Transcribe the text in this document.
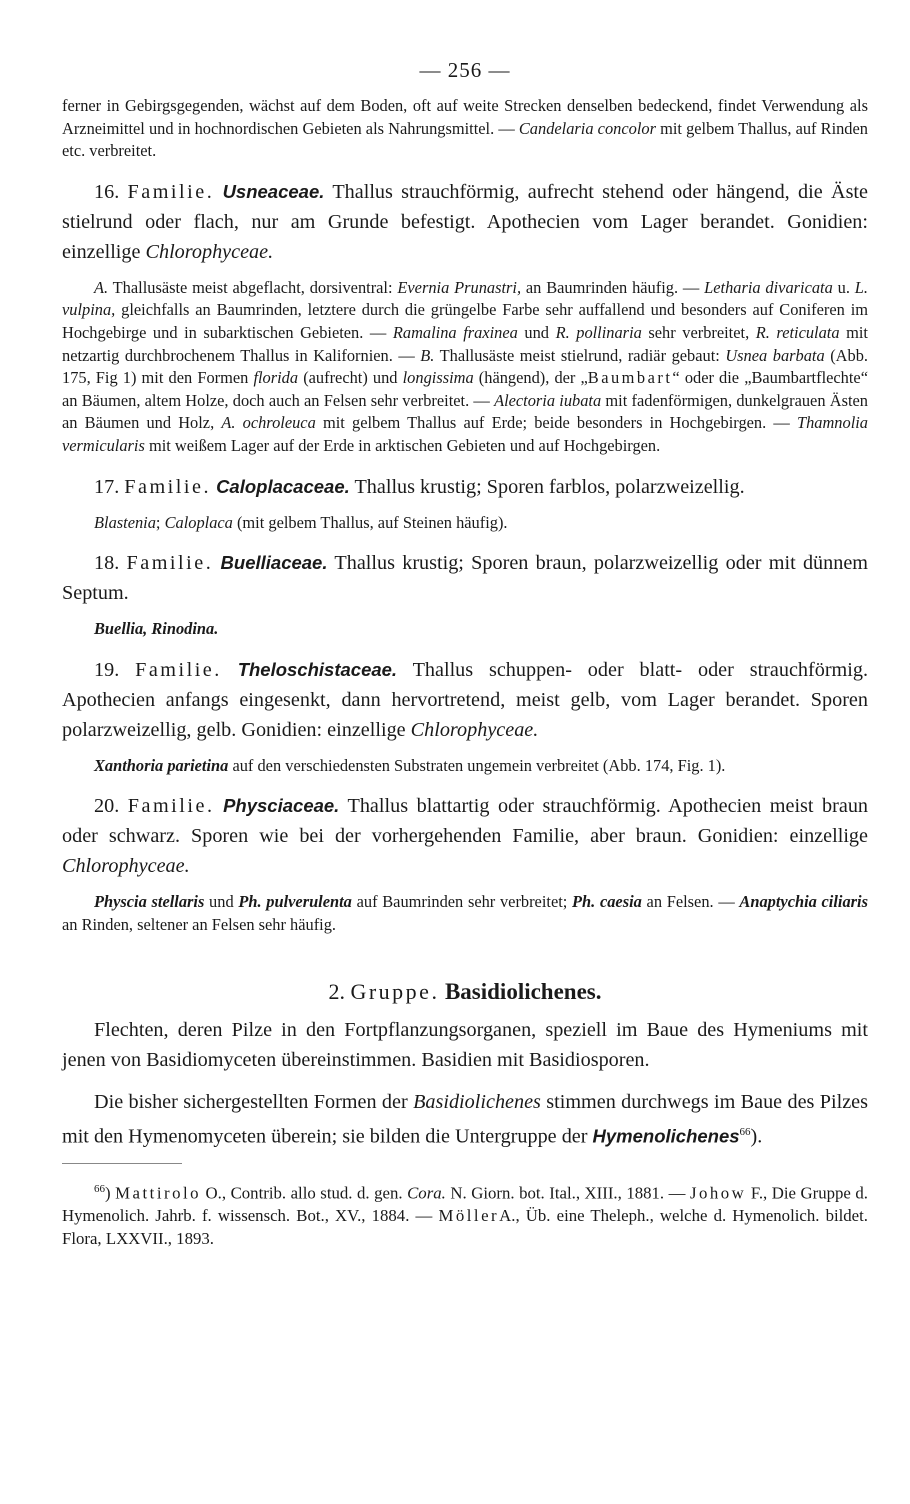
— 256 —

ferner in Gebirgsgegenden, wächst auf dem Boden, oft auf weite Strecken denselben bedeckend, findet Verwendung als Arzneimittel und in hochnordischen Gebieten als Nahrungsmittel. — Candelaria concolor mit gelbem Thallus, auf Rinden etc. verbreitet.

16. Familie. Usneaceae. Thallus strauchförmig, aufrecht stehend oder hängend, die Äste stielrund oder flach, nur am Grunde befestigt. Apothecien vom Lager berandet. Gonidien: einzellige Chlorophyceae.

A. Thallusäste meist abgeflacht, dorsiventral: Evernia Prunastri, an Baumrinden häufig. — Letharia divaricata u. L. vulpina, gleichfalls an Baumrinden, letztere durch die grüngelbe Farbe sehr auffallend und besonders auf Coniferen im Hochgebirge und in subarktischen Gebieten. — Ramalina fraxinea und R. pollinaria sehr verbreitet, R. reticulata mit netzartig durchbrochenem Thallus in Kalifornien. — B. Thallusäste meist stielrund, radiär gebaut: Usnea barbata (Abb. 175, Fig 1) mit den Formen florida (aufrecht) und longissima (hängend), der „Baumbart“ oder die „Baumbartflechte“ an Bäumen, altem Holze, doch auch an Felsen sehr verbreitet. — Alectoria iubata mit fadenförmigen, dunkelgrauen Ästen an Bäumen und Holz, A. ochroleuca mit gelbem Thallus auf Erde; beide besonders in Hochgebirgen. — Thamnolia vermicularis mit weißem Lager auf der Erde in arktischen Gebieten und auf Hochgebirgen.

17. Familie. Caloplacaceae. Thallus krustig; Sporen farblos, polarzweizellig.

Blastenia; Caloplaca (mit gelbem Thallus, auf Steinen häufig).

18. Familie. Buelliaceae. Thallus krustig; Sporen braun, polarzweizellig oder mit dünnem Septum.

Buellia, Rinodina.

19. Familie. Theloschistaceae. Thallus schuppen- oder blatt- oder strauchförmig. Apothecien anfangs eingesenkt, dann hervortretend, meist gelb, vom Lager berandet. Sporen polarzweizellig, gelb. Gonidien: einzellige Chlorophyceae.

Xanthoria parietina auf den verschiedensten Substraten ungemein verbreitet (Abb. 174, Fig. 1).

20. Familie. Physciaceae. Thallus blattartig oder strauchförmig. Apothecien meist braun oder schwarz. Sporen wie bei der vorhergehenden Familie, aber braun. Gonidien: einzellige Chlorophyceae.

Physcia stellaris und Ph. pulverulenta auf Baumrinden sehr verbreitet; Ph. caesia an Felsen. — Anaptychia ciliaris an Rinden, seltener an Felsen sehr häufig.

2. Gruppe. Basidiolichenes.

Flechten, deren Pilze in den Fortpflanzungsorganen, speziell im Baue des Hymeniums mit jenen von Basidiomyceten übereinstimmen. Basidien mit Basidiosporen.

Die bisher sichergestellten Formen der Basidiolichenes stimmen durchwegs im Baue des Pilzes mit den Hymenomyceten überein; sie bilden die Untergruppe der Hymenolichenes$^{66}$).

$^{66}$) Mattirolo O., Contrib. allo stud. d. gen. Cora. N. Giorn. bot. Ital., XIII., 1881. — Johow F., Die Gruppe d. Hymenolich. Jahrb. f. wissensch. Bot., XV., 1884. — MöllerA., Üb. eine Theleph., welche d. Hymenolich. bildet. Flora, LXXVII., 1893.
